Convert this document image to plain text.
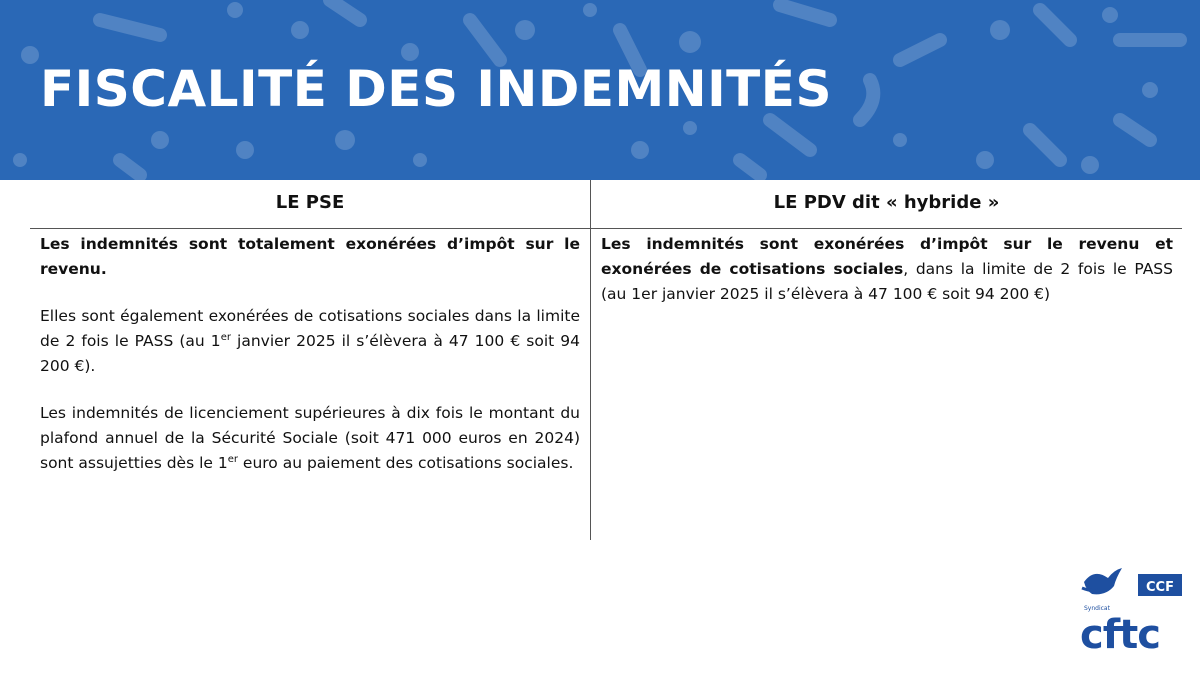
FISCALITÉ DES INDEMNITÉS
LE PSE	LE PDV dit « hybride »

Les indemnités sont totalement exonérées d’impôt sur le revenu.

Elles sont également exonérées de cotisations sociales dans la limite de 2 fois le PASS (au 1er janvier 2025 il s’élèvera à 47 100 € soit 94 200 €).

Les indemnités de licenciement supérieures à dix fois le montant du plafond annuel de la Sécurité Sociale (soit 471 000 euros en 2024) sont assujetties dès le 1er euro au paiement des cotisations sociales.

Les indemnités sont exonérées d’impôt sur le revenu et exonérées de cotisations sociales, dans la limite de 2 fois le PASS (au 1er janvier 2025 il s’élèvera à 47 100 € soit 94 200 €)

CCF
Syndicat
cftc
